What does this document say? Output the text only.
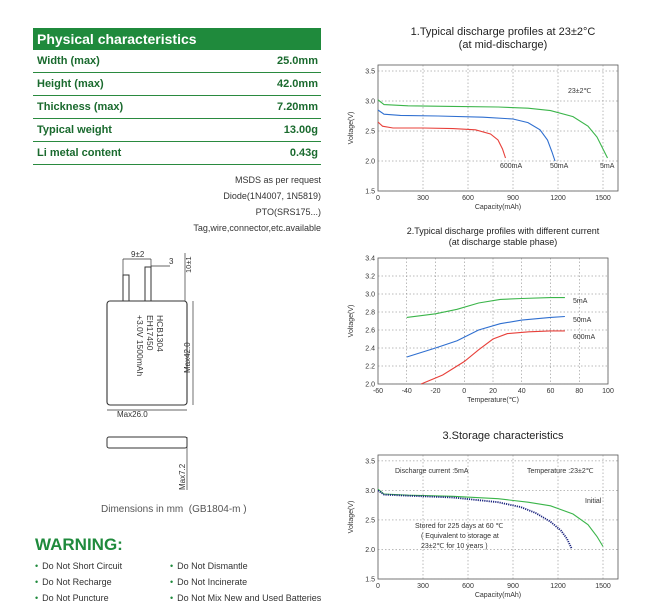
Physical characteristics
Width (max)	25.0mm
Height (max)	42.0mm
Thickness (max)	7.20mm
Typical weight	13.00g
Li metal content	0.43g
MSDS as per request
Diode(1N4007, 1N5819)
PTO(SRS175...)
Tag,wire,connector,etc.available
9±2
3 10±1
HCB1304
EH17450
+3.0V 1500mAh	Max42.0
Max26.0
Max7.2
Dimensions in mm  (GB1804-m )
WARNING:
• Do Not Short Circuit
• Do Not Recharge
• Do Not Puncture
• Do Not Dismantle
• Do Not Incinerate
• Do Not Mix New and Used Batteries
1.Typical discharge profiles at 23±2°C
(at mid-discharge)
0	300	600	900	1200	1500
1.5
2.0
2.5
3.0
3.5
Capacity(mAh)
Voltage(V)
23±2℃
600mA	50mA	5mA
2.Typical discharge profiles with different current
(at discharge stable phase)
-60	-40	-20	0	20	40	60	80	100
2.0
2.2
2.4
2.6
2.8
3.0
3.2
3.4
Temperature(℃)
Voltage(V)
5mA
50mA
600mA
3.Storage characteristics
0	300	600	900	1200	1500
1.5
2.0
2.5
3.0
3.5
Capacity(mAh)
Voltage(V)
Discharge current :5mA	Temperature :23±2℃
Initial
Stored for 225 days at 60 ℃
( Equivalent to storage at
23±2℃ for 10 years )
